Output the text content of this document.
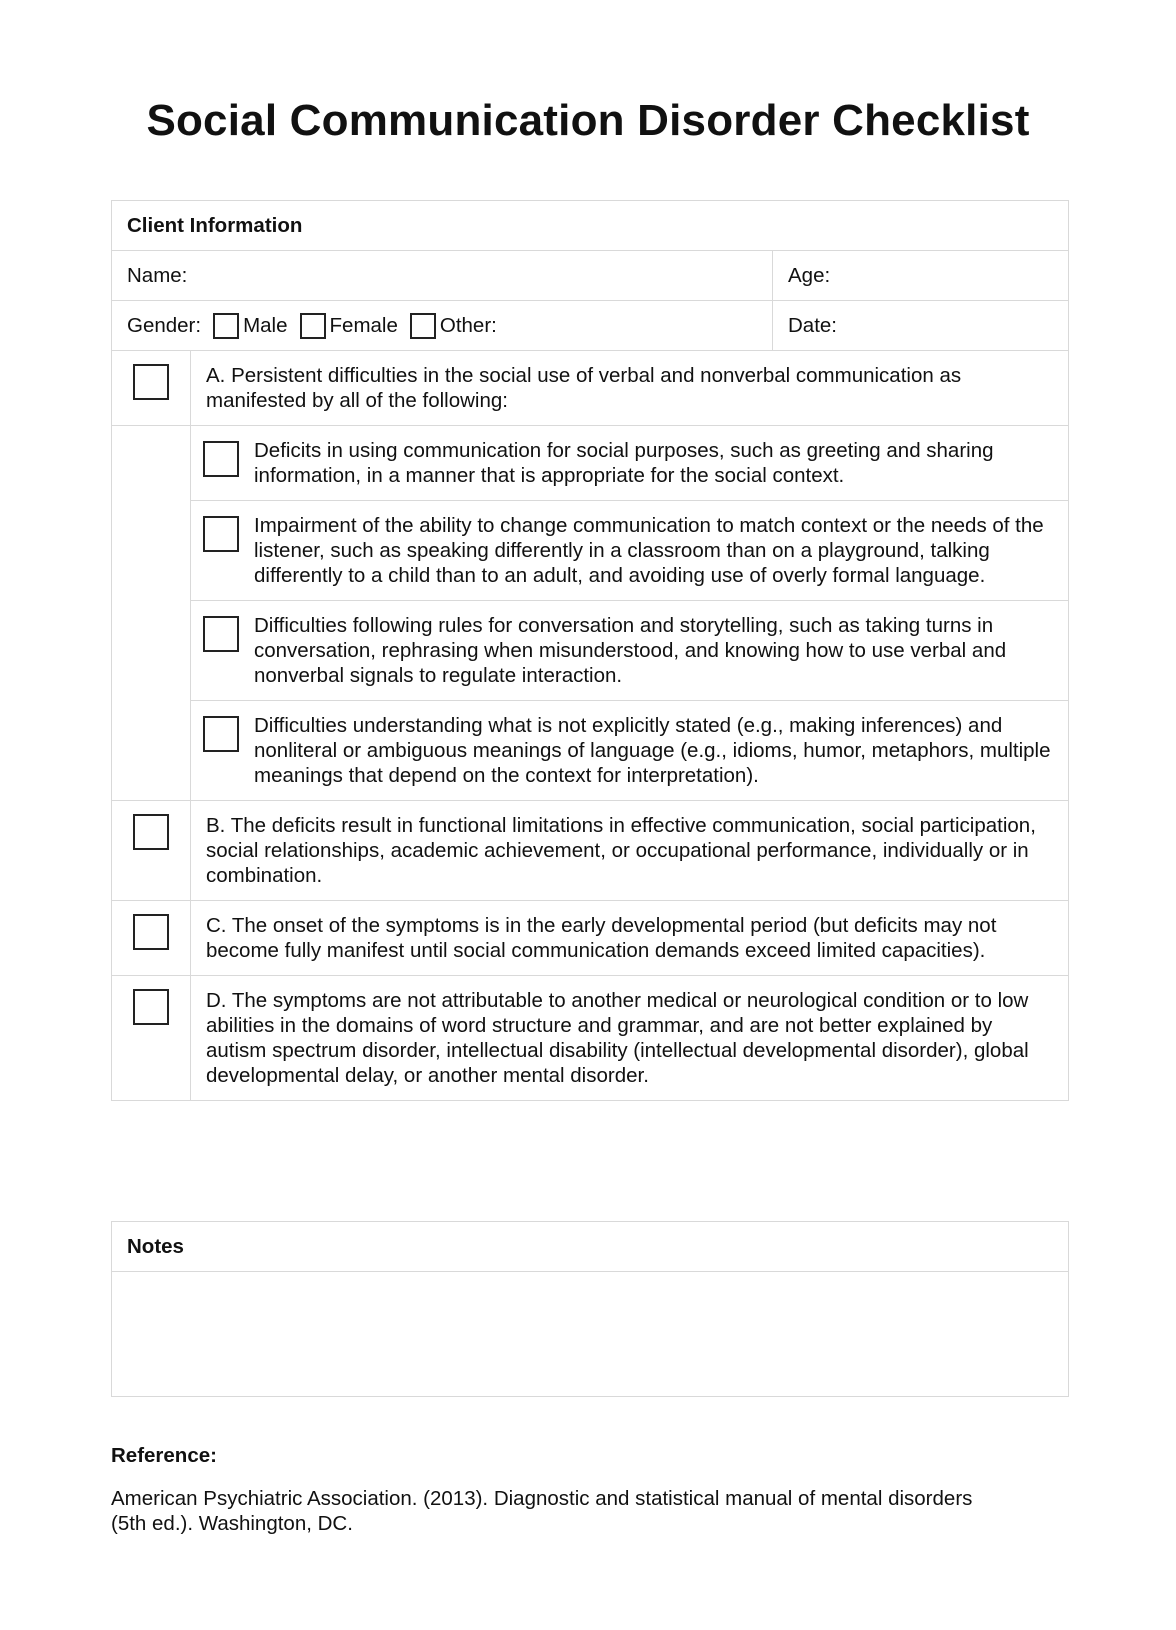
Social Communication Disorder Checklist
Client Information
Name:	Age:
Gender: Male Female Other:	Date:
A. Persistent difficulties in the social use of verbal and nonverbal communication as manifested by all of the following:
Deficits in using communication for social purposes, such as greeting and sharing information, in a manner that is appropriate for the social context.
Impairment of the ability to change communication to match context or the needs of the listener, such as speaking differently in a classroom than on a playground, talking differently to a child than to an adult, and avoiding use of overly formal language.
Difficulties following rules for conversation and storytelling, such as taking turns in conversation, rephrasing when misunderstood, and knowing how to use verbal and nonverbal signals to regulate interaction.
Difficulties understanding what is not explicitly stated (e.g., making inferences) and nonliteral or ambiguous meanings of language (e.g., idioms, humor, metaphors, multiple meanings that depend on the context for interpretation).
B. The deficits result in functional limitations in effective communication, social participation, social relationships, academic achievement, or occupational performance, individually or in combination.
C. The onset of the symptoms is in the early developmental period (but deficits may not become fully manifest until social communication demands exceed limited capacities).
D. The symptoms are not attributable to another medical or neurological condition or to low abilities in the domains of word structure and grammar, and are not better explained by autism spectrum disorder, intellectual disability (intellectual developmental disorder), global developmental delay, or another mental disorder.
Notes

Reference:

American Psychiatric Association. (2013). Diagnostic and statistical manual of mental disorders (5th ed.). Washington, DC.
